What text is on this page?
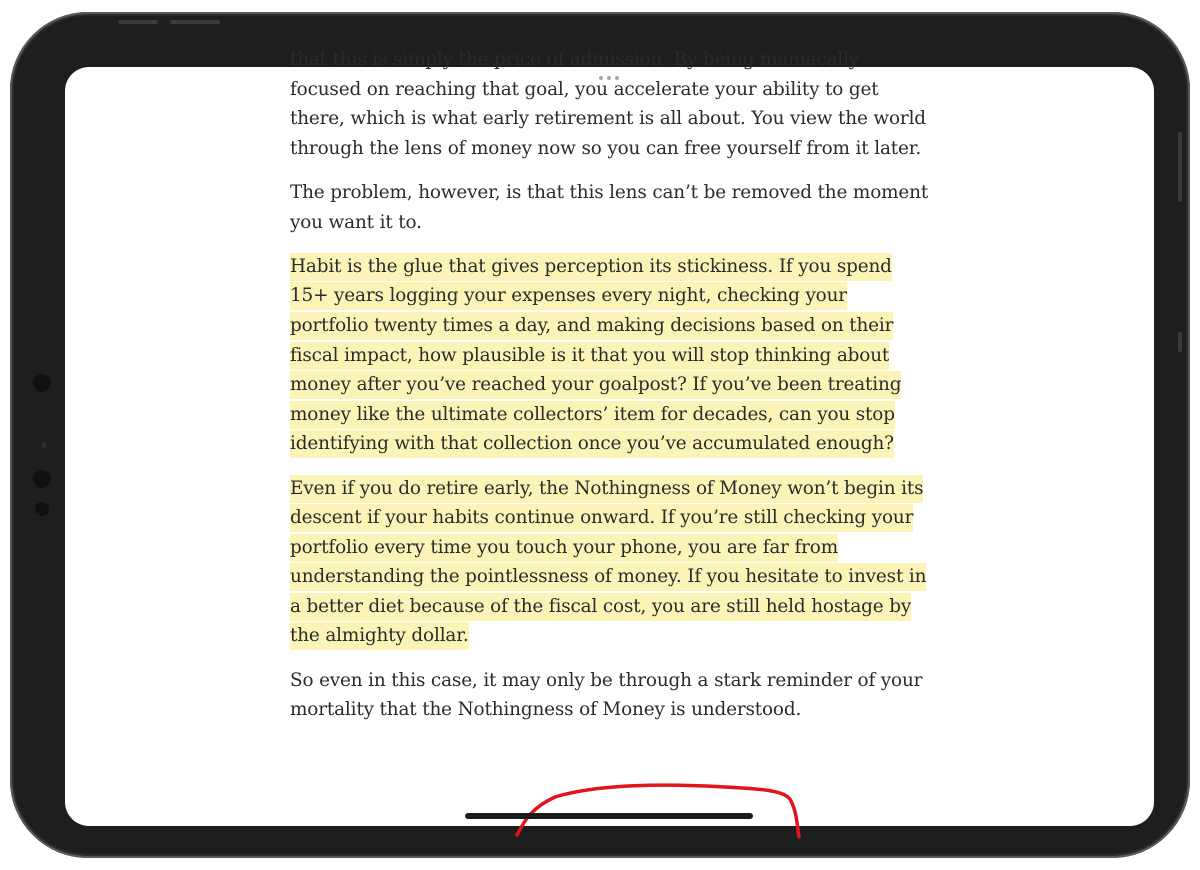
that this is simply the price of admission. By being maniacally focused on reaching that goal, you accelerate your ability to get there, which is what early retirement is all about. You view the world through the lens of money now so you can free yourself from it later.

The problem, however, is that this lens can’t be removed the moment you want it to.

Habit is the glue that gives perception its stickiness. If you spend 15+ years logging your expenses every night, checking your portfolio twenty times a day, and making decisions based on their fiscal impact, how plausible is it that you will stop thinking about money after you’ve reached your goalpost? If you’ve been treating money like the ultimate collectors’ item for decades, can you stop identifying with that collection once you’ve accumulated enough?

Even if you do retire early, the Nothingness of Money won’t begin its descent if your habits continue onward. If you’re still checking your portfolio every time you touch your phone, you are far from understanding the pointlessness of money. If you hesitate to invest in a better diet because of the fiscal cost, you are still held hostage by the almighty dollar.

So even in this case, it may only be through a stark reminder of your mortality that the Nothingness of Money is understood.
